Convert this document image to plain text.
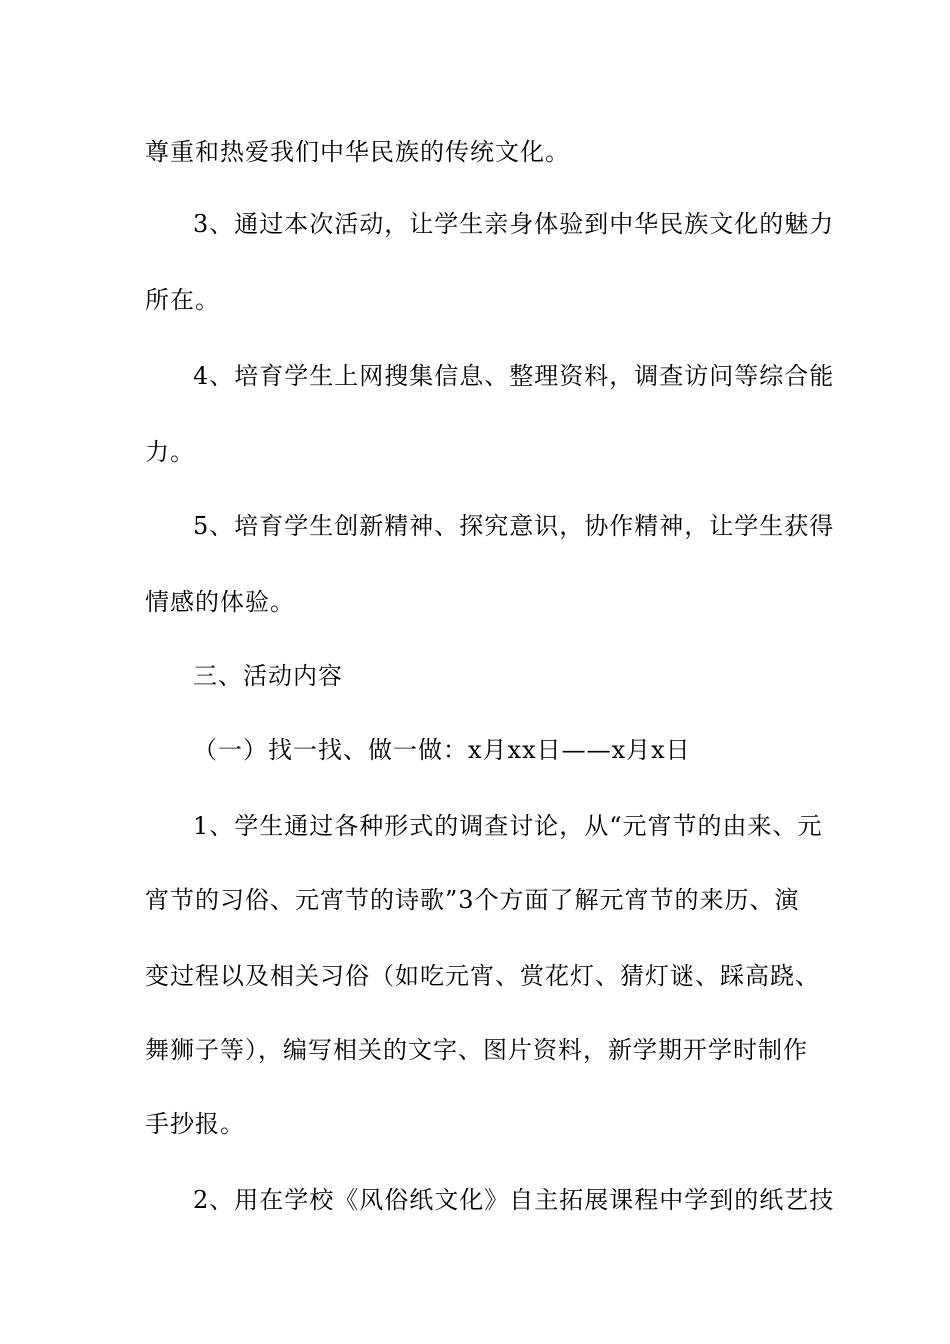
尊重和热爱我们中华民族的传统文化。
3、通过本次活动，让学生亲身体验到中华民族文化的魅力
所在。
4、培育学生上网搜集信息、整理资料，调查访问等综合能
力。
5、培育学生创新精神、探究意识，协作精神，让学生获得
情感的体验。
三、活动内容
（一）找一找、做一做：x月xx日——x月x日
1、学生通过各种形式的调查讨论，从“元宵节的由来、元
宵节的习俗、元宵节的诗歌”3个方面了解元宵节的来历、演
变过程以及相关习俗（如吃元宵、赏花灯、猜灯谜、踩高跷、
舞狮子等），编写相关的文字、图片资料，新学期开学时制作
手抄报。
2、用在学校《风俗纸文化》自主拓展课程中学到的纸艺技
